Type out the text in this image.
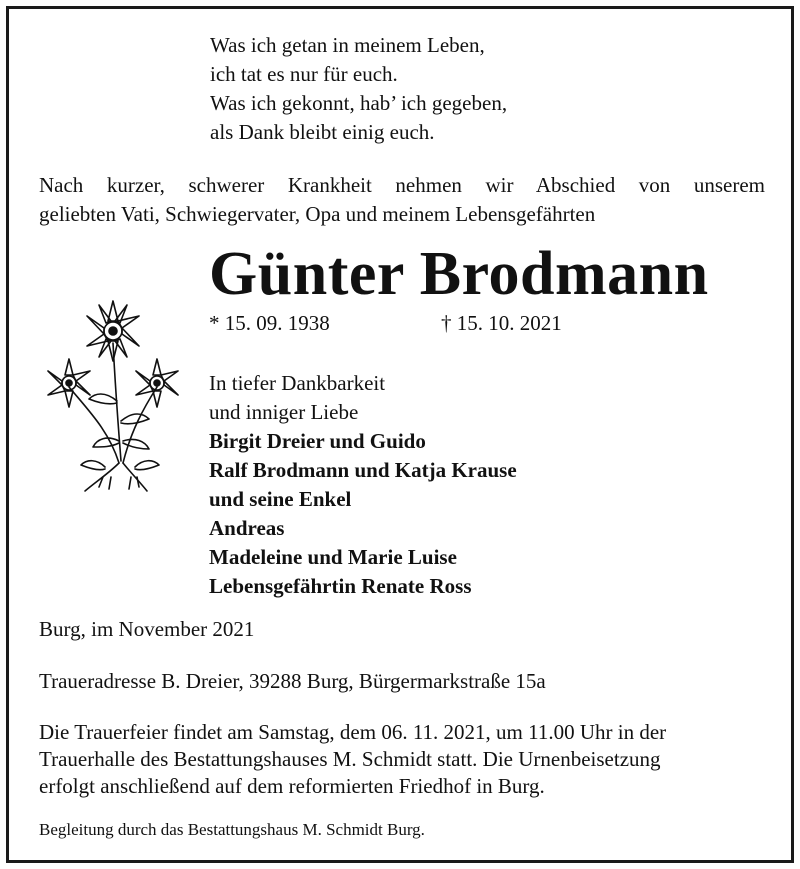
Was ich getan in meinem Leben,
ich tat es nur für euch.
Was ich gekonnt, hab’ ich gegeben,
als Dank bleibt einig euch.
Nach kurzer, schwerer Krankheit nehmen wir Abschied von unserem
geliebten Vati, Schwiegervater, Opa und meinem Lebensgefährten
Günter Brodmann
* 15. 09. 1938	† 15. 10. 2021
In tiefer Dankbarkeit
und inniger Liebe
Birgit Dreier und Guido
Ralf Brodmann und Katja Krause
und seine Enkel
Andreas
Madeleine und Marie Luise
Lebensgefährtin Renate Ross
Burg, im November 2021
Traueradresse B. Dreier, 39288 Burg, Bürgermarkstraße 15a
Die Trauerfeier findet am Samstag, dem 06. 11. 2021, um 11.00 Uhr in der
Trauerhalle des Bestattungshauses M. Schmidt statt. Die Urnenbeisetzung
erfolgt anschließend auf dem reformierten Friedhof in Burg.
Begleitung durch das Bestattungshaus M. Schmidt Burg.
